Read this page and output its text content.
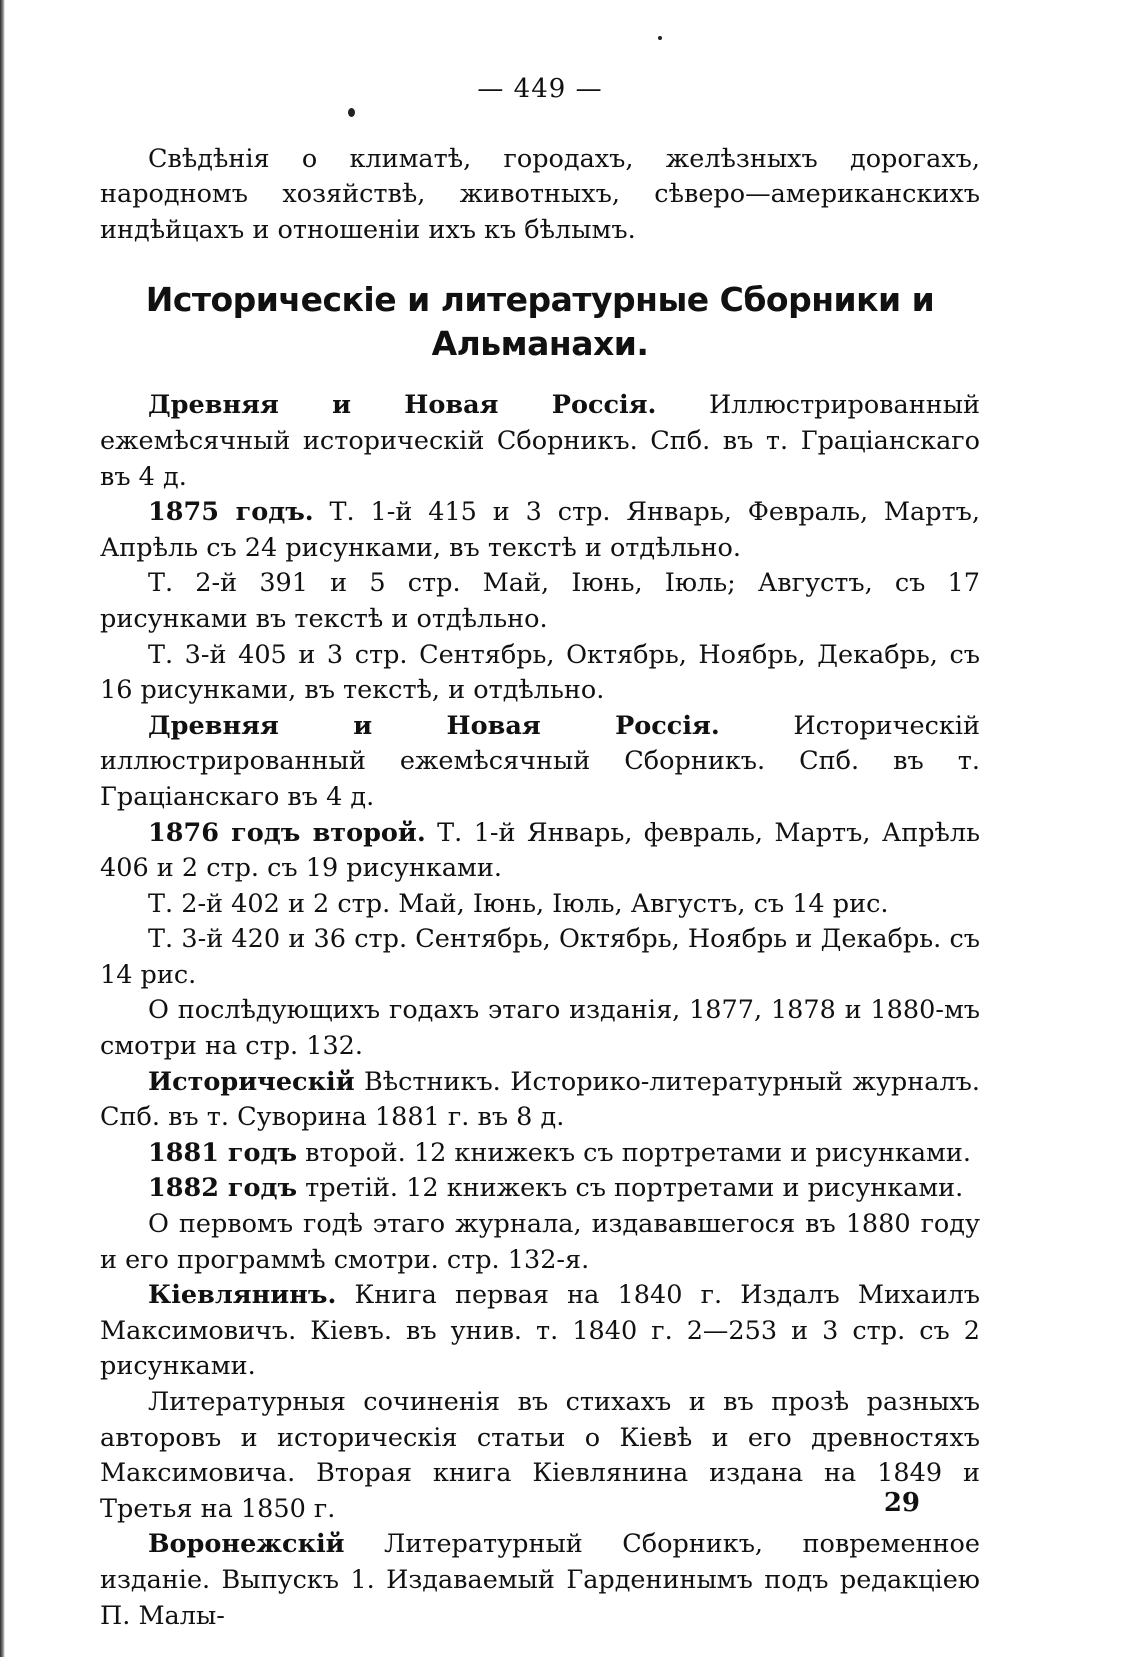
— 449 —

Свѣдѣнія о климатѣ, городахъ, желѣзныхъ дорогахъ, народномъ хозяйствѣ, животныхъ, сѣверо—американскихъ индѣйцахъ и отношеніи ихъ къ бѣлымъ.

Историческіе и литературные Сборники и Альманахи.

Древняя и Новая Россія. Иллюстрированный ежемѣсячный историческій Сборникъ. Спб. въ т. Граціанскаго въ 4 д.

1875 годъ. Т. 1-й 415 и 3 стр. Январь, Февраль, Мартъ, Апрѣль съ 24 рисунками, въ текстѣ и отдѣльно.

Т. 2-й 391 и 5 стр. Май, Іюнь, Іюль; Августъ, съ 17 рисунками въ текстѣ и отдѣльно.

Т. 3-й 405 и 3 стр. Сентябрь, Октябрь, Ноябрь, Декабрь, съ 16 рисунками, въ текстѣ, и отдѣльно.

Древняя и Новая Россія. Историческій иллюстрированный ежемѣсячный Сборникъ. Спб. въ т. Граціанскаго въ 4 д.

1876 годъ второй. Т. 1-й Январь, февраль, Мартъ, Апрѣль 406 и 2 стр. съ 19 рисунками.

Т. 2-й 402 и 2 стр. Май, Іюнь, Іюль, Августъ, съ 14 рис.

Т. 3-й 420 и 36 стр. Сентябрь, Октябрь, Ноябрь и Декабрь. съ 14 рис.

О послѣдующихъ годахъ этаго изданія, 1877, 1878 и 1880-мъ смотри на стр. 132.

Историческій Вѣстникъ. Историко-литературный журналъ. Спб. въ т. Суворина 1881 г. въ 8 д.

1881 годъ второй. 12 книжекъ съ портретами и рисунками.

1882 годъ третій. 12 книжекъ съ портретами и рисунками.

О первомъ годѣ этаго журнала, издававшегося въ 1880 году и его программѣ смотри. стр. 132-я.

Кіевлянинъ. Книга первая на 1840 г. Издалъ Михаилъ Максимовичъ. Кіевъ. въ унив. т. 1840 г. 2—253 и 3 стр. съ 2 рисунками.

Литературныя сочиненія въ стихахъ и въ прозѣ разныхъ авторовъ и историческія статьи о Кіевѣ и его древностяхъ Максимовича. Вторая книга Кіевлянина издана на 1849 и Третья на 1850 г.

Воронежскій Литературный Сборникъ, повременное изданіе. Выпускъ 1. Издаваемый Гарденинымъ подъ редакціею П. Малы-

29
